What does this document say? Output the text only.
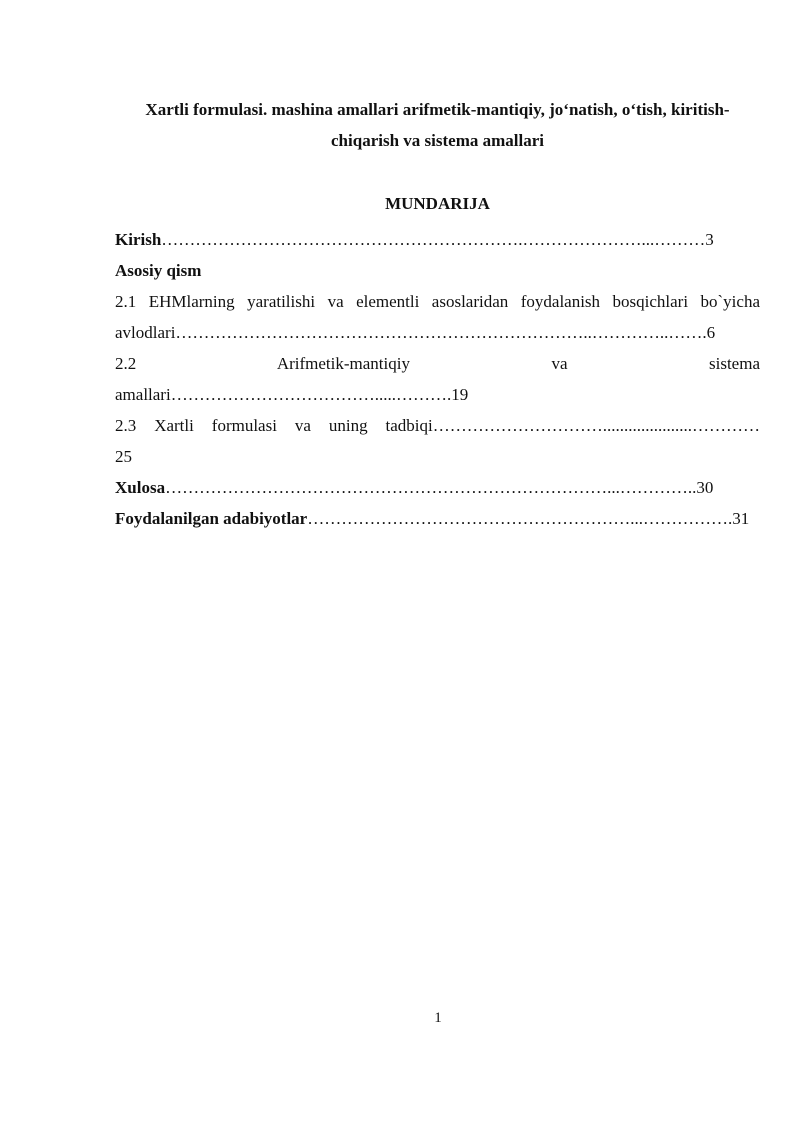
Xartli formulasi. mashina amallari arifmetik-mantiqiy, jo‘natish, o‘tish, kiritish-
chiqarish va sistema amallari
MUNDARIJA
Kirish……………………………………………………….…………………...………3
Asosiy qism
2.1 EHMlarning yaratilishi va elementli asoslaridan foydalanish bosqichlari bo`yicha
avlodlari………………………………………………………………..…………..…….6
2.2	Arifmetik-mantiqiy	va	sistema
amallari……………………………….....……….19
2.3 Xartli formulasi va uning tadbiqi………………………….....................…………
25
Xulosa……………………………………………………………………...…………..30
Foydalanilgan adabiyotlar…………………………………………………...…………….31
1
